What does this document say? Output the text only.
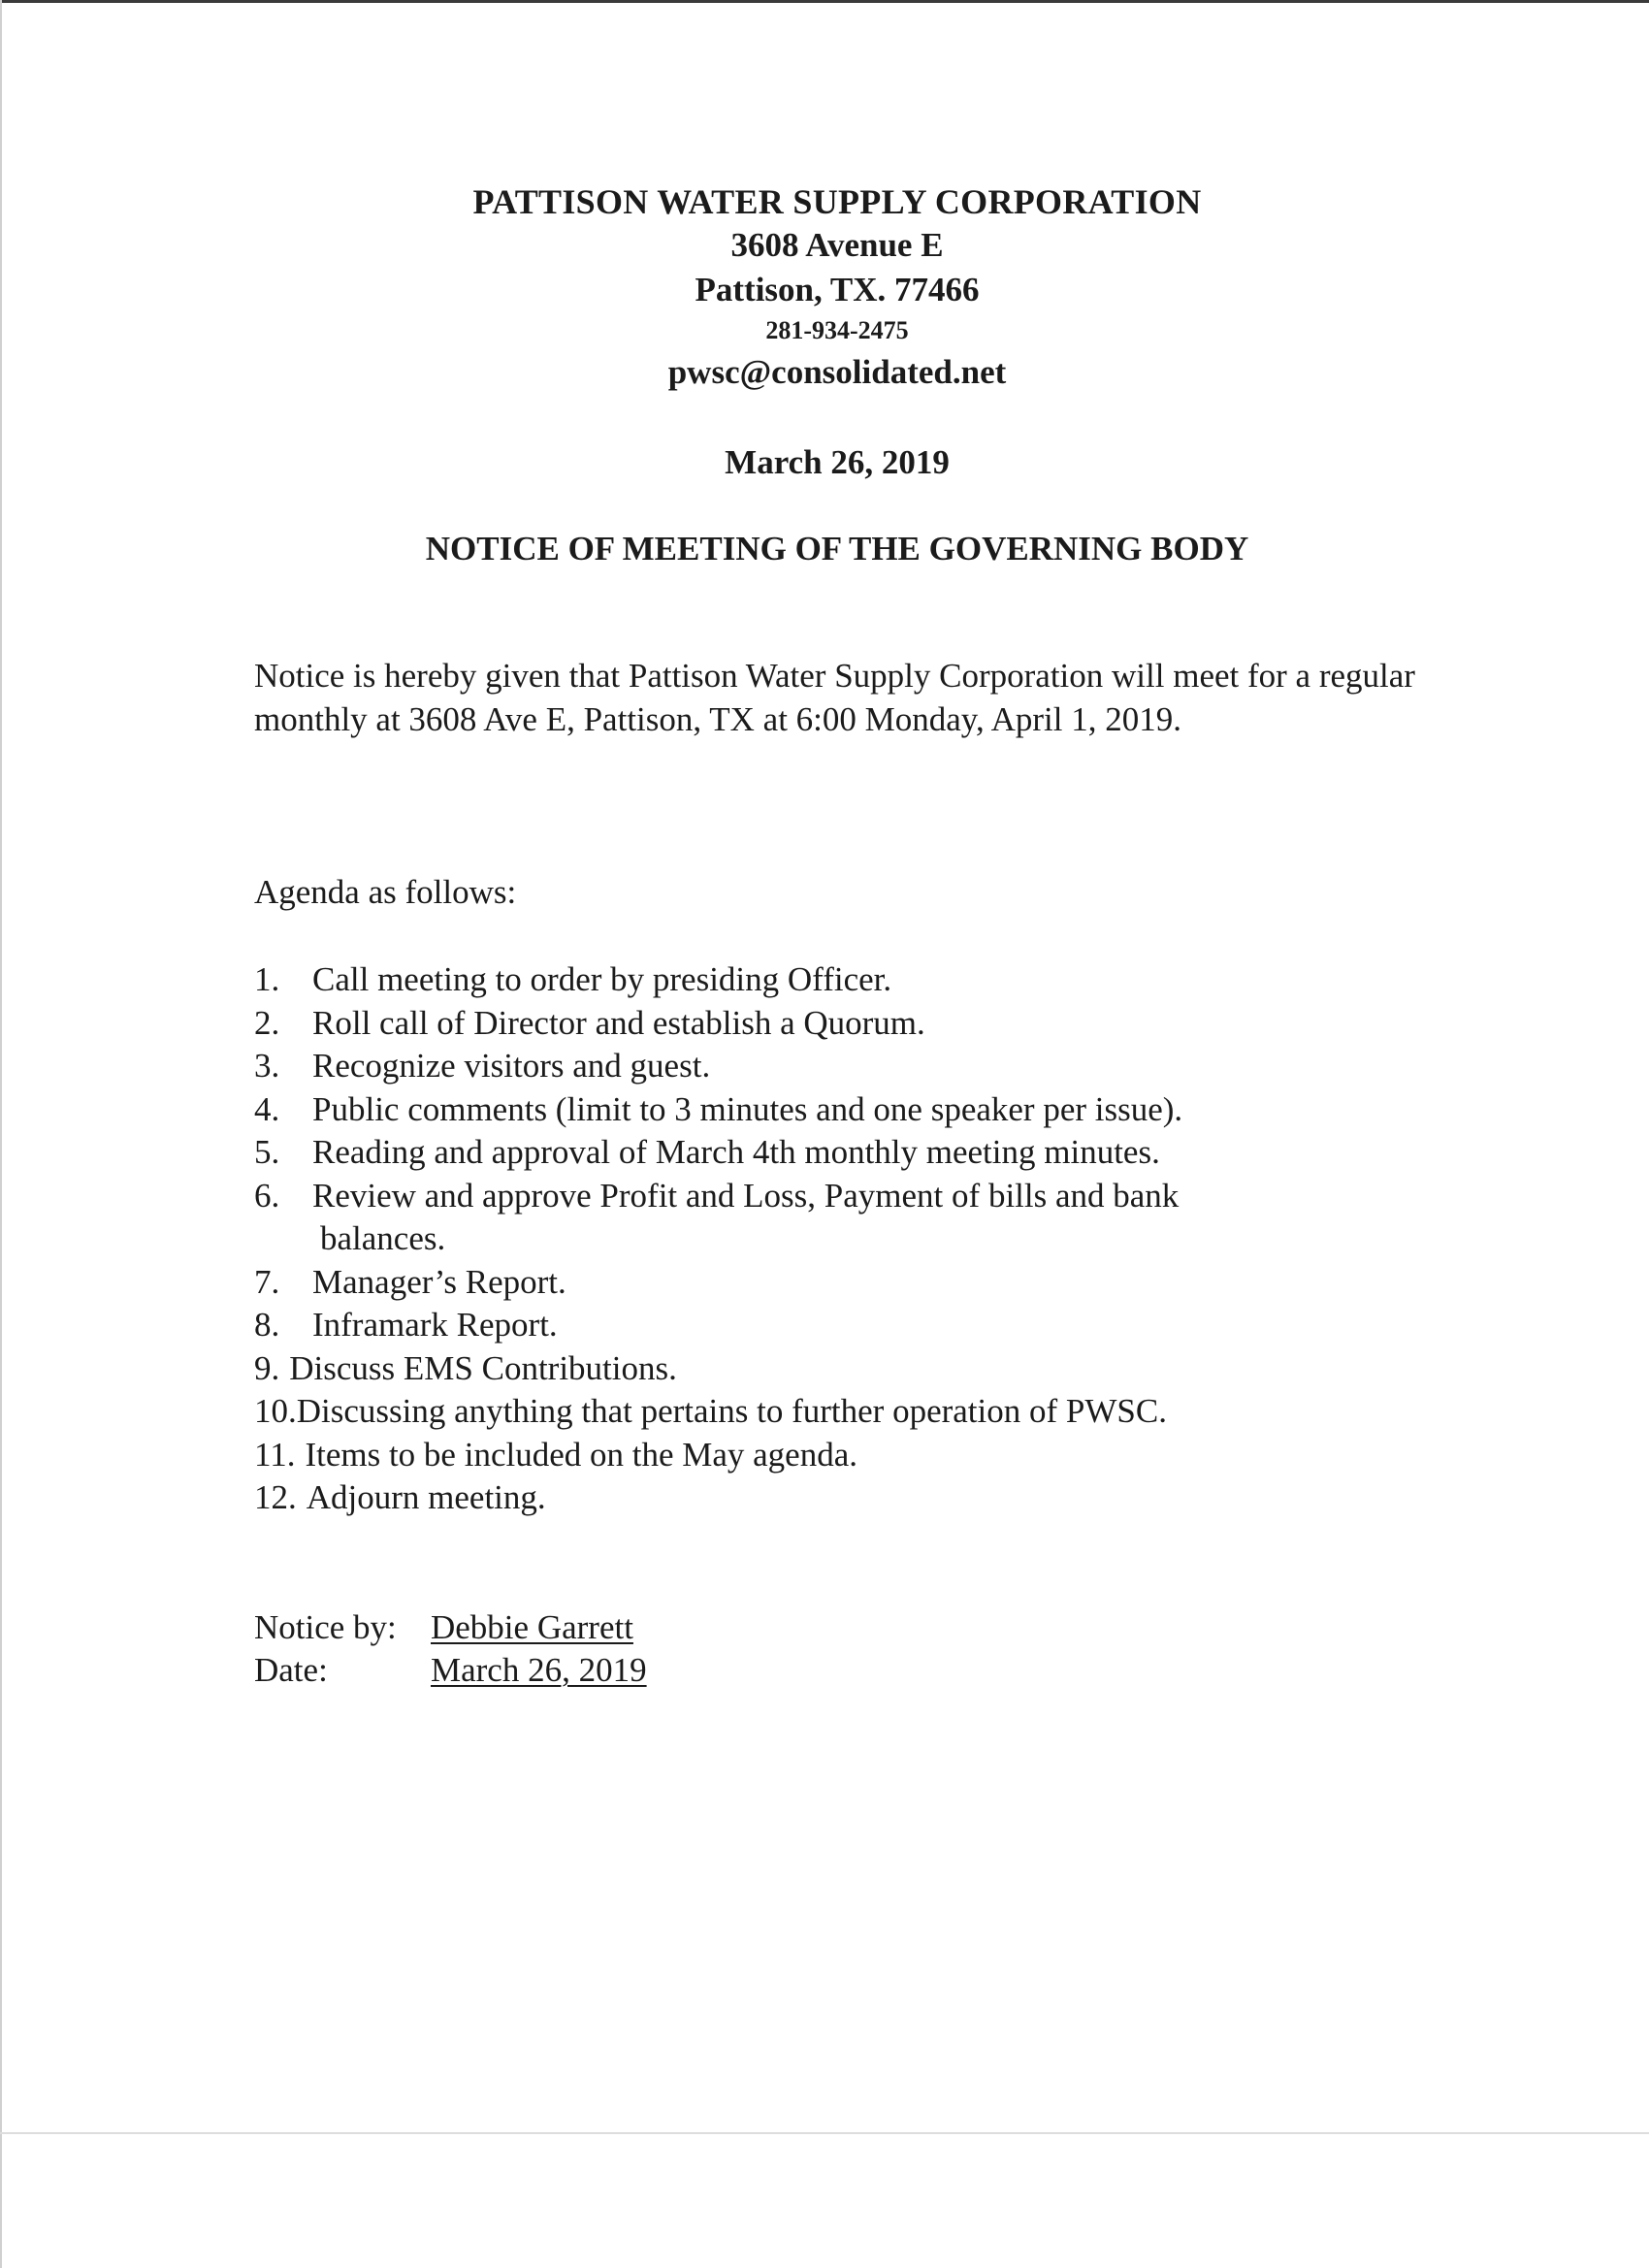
PATTISON WATER SUPPLY CORPORATION
3608 Avenue E
Pattison, TX. 77466
281-934-2475
pwsc@consolidated.net
March 26, 2019
NOTICE OF MEETING OF THE GOVERNING BODY

Notice is hereby given that Pattison Water Supply Corporation will meet for a regular monthly at 3608 Ave E, Pattison, TX at 6:00 Monday, April 1, 2019.

Agenda as follows:

1. Call meeting to order by presiding Officer.
2. Roll call of Director and establish a Quorum.
3. Recognize visitors and guest.
4. Public comments (limit to 3 minutes and one speaker per issue).
5. Reading and approval of March 4th monthly meeting minutes.
6. Review and approve Profit and Loss, Payment of bills and bank
balances.
7. Manager’s Report.
8. Inframark Report.
9. Discuss EMS Contributions.
10. Discussing anything that pertains to further operation of PWSC.
11. Items to be included on the May agenda.
12. Adjourn meeting.
Notice by:	Debbie Garrett
Date:	March 26, 2019
